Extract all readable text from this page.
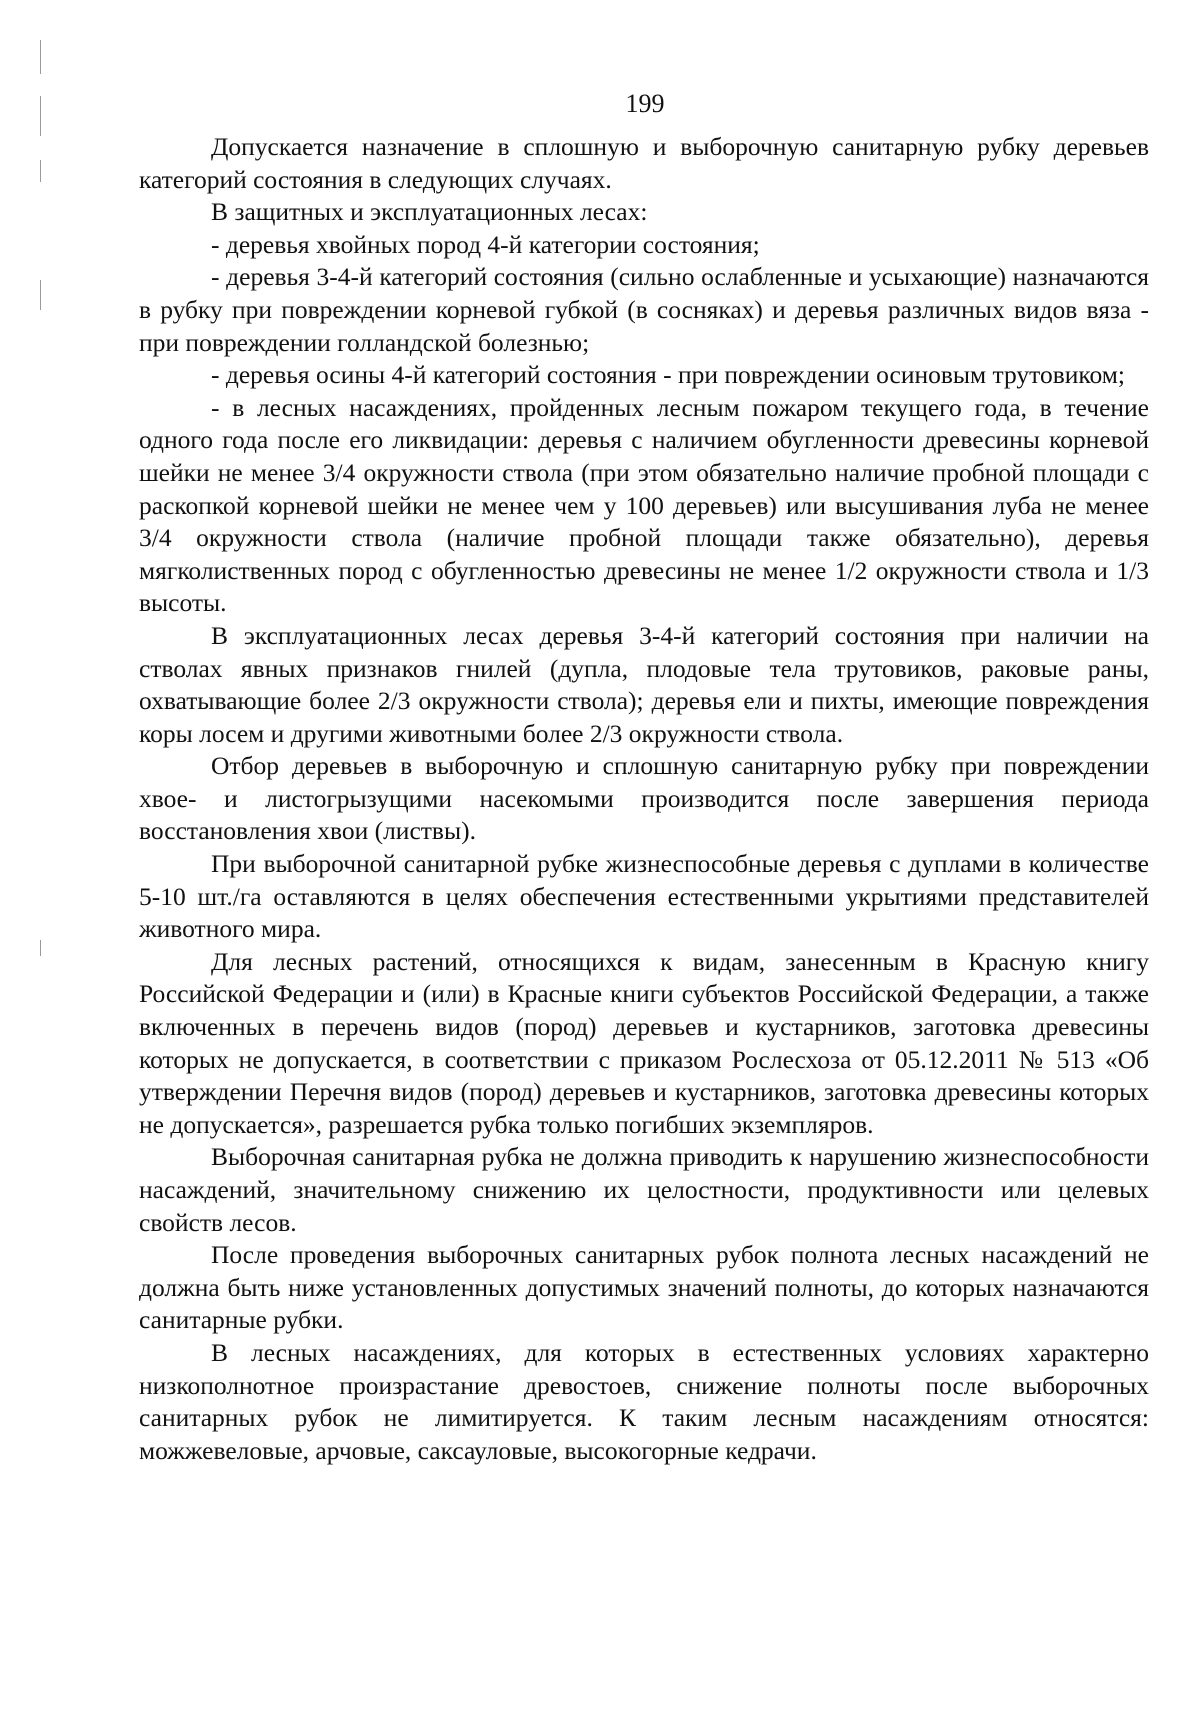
199

Допускается назначение в сплошную и выборочную санитарную рубку деревьев категорий состояния в следующих случаях.

В защитных и эксплуатационных лесах:

- деревья хвойных пород 4-й категории состояния;

- деревья 3-4-й категорий состояния (сильно ослабленные и усыхающие) назначаются в рубку при повреждении корневой губкой (в сосняках) и деревья различных видов вяза - при повреждении голландской болезнью;

- деревья осины 4-й категорий состояния - при повреждении осиновым трутовиком;

- в лесных насаждениях, пройденных лесным пожаром текущего года, в течение одного года после его ликвидации: деревья с наличием обугленности древесины корневой шейки не менее 3/4 окружности ствола (при этом обязательно наличие пробной площади с раскопкой корневой шейки не менее чем у 100 деревьев) или высушивания луба не менее 3/4 окружности ствола (наличие пробной площади также обязательно), деревья мягколиственных пород с обугленностью древесины не менее 1/2 окружности ствола и 1/3 высоты.

В эксплуатационных лесах деревья 3-4-й категорий состояния при наличии на стволах явных признаков гнилей (дупла, плодовые тела трутовиков, раковые раны, охватывающие более 2/3 окружности ствола); деревья ели и пихты, имеющие повреждения коры лосем и другими животными более 2/3 окружности ствола.

Отбор деревьев в выборочную и сплошную санитарную рубку при повреждении хвое- и листогрызущими насекомыми производится после завершения периода восстановления хвои (листвы).

При выборочной санитарной рубке жизнеспособные деревья с дуплами в количестве 5-10 шт./га оставляются в целях обеспечения естественными укрытиями представителей животного мира.

Для лесных растений, относящихся к видам, занесенным в Красную книгу Российской Федерации и (или) в Красные книги субъектов Российской Федерации, а также включенных в перечень видов (пород) деревьев и кустарников, заготовка древесины которых не допускается, в соответствии с приказом Рослесхоза от 05.12.2011 № 513 «Об утверждении Перечня видов (пород) деревьев и кустарников, заготовка древесины которых не допускается», разрешается рубка только погибших экземпляров.

Выборочная санитарная рубка не должна приводить к нарушению жизнеспособности насаждений, значительному снижению их целостности, продуктивности или целевых свойств лесов.

После проведения выборочных санитарных рубок полнота лесных насаждений не должна быть ниже установленных допустимых значений полноты, до которых назначаются санитарные рубки.

В лесных насаждениях, для которых в естественных условиях характерно низкополнотное произрастание древостоев, снижение полноты после выборочных санитарных рубок не лимитируется. К таким лесным насаждениям относятся: можжевеловые, арчовые, саксауловые, высокогорные кедрачи.
